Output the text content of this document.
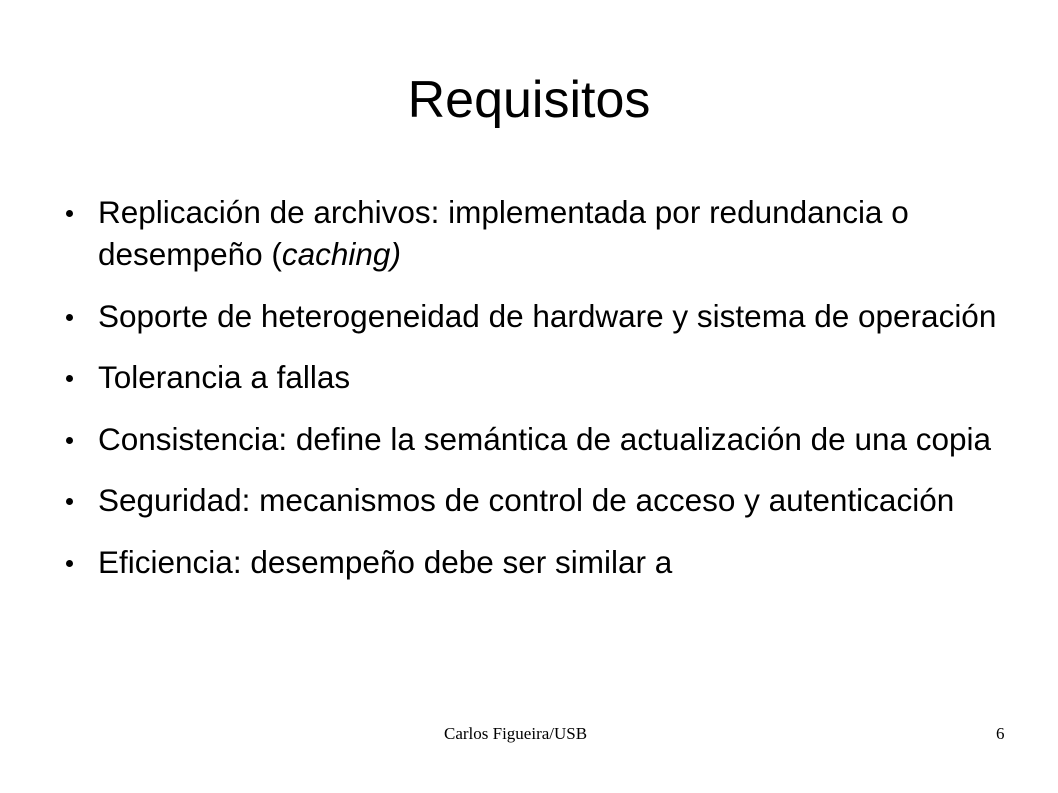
Requisitos
Replicación de archivos: implementada por redundancia o desempeño (caching)
Soporte de heterogeneidad de hardware y sistema de operación
Tolerancia a fallas
Consistencia: define la semántica de actualización de una copia
Seguridad: mecanismos de control de acceso y autenticación
Eficiencia: desempeño debe ser similar a
Carlos Figueira/USB	6
